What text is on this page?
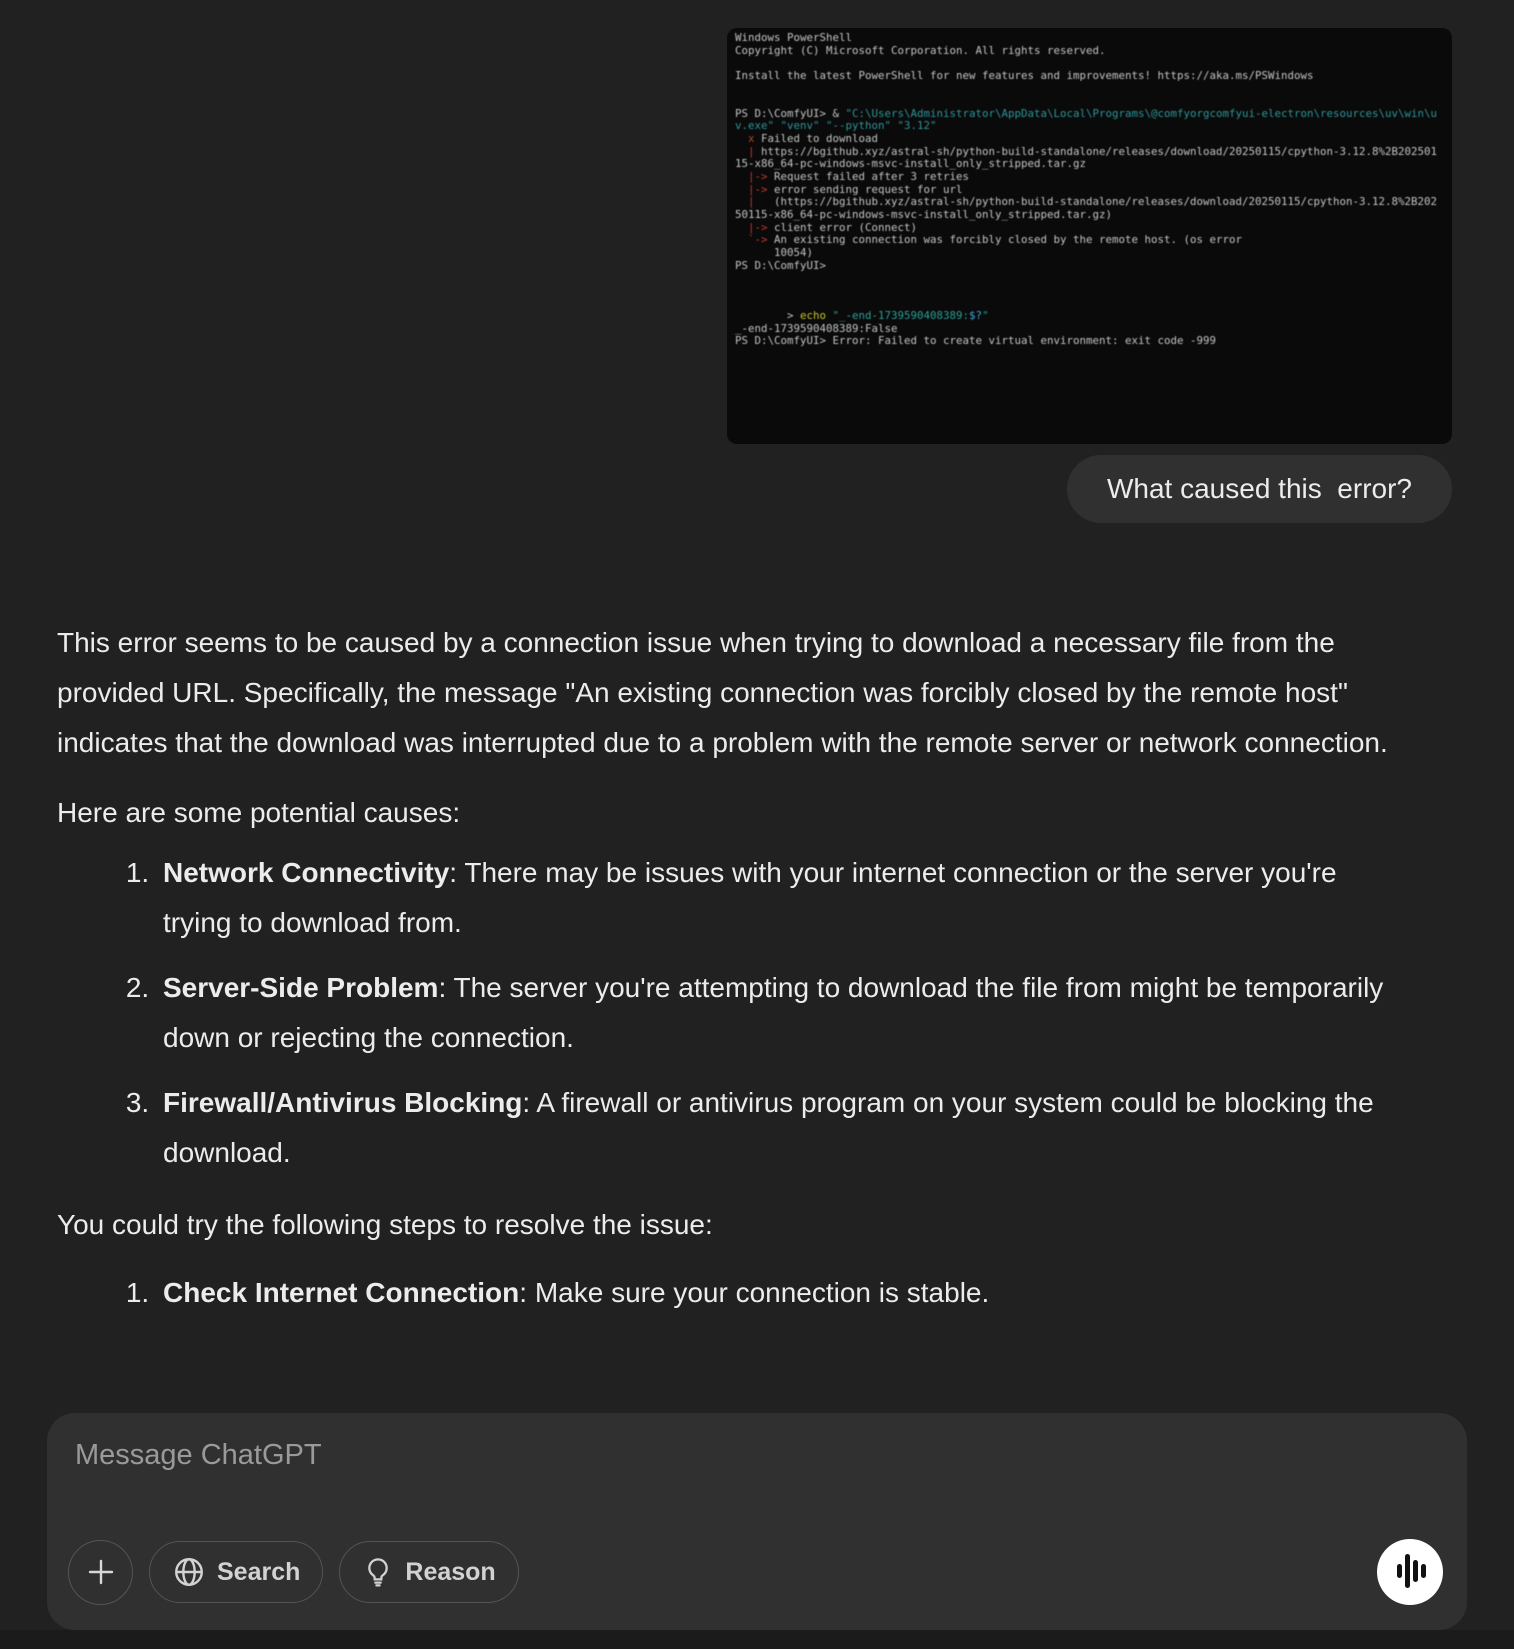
Windows PowerShell
Copyright (C) Microsoft Corporation. All rights reserved.

Install the latest PowerShell for new features and improvements! https://aka.ms/PSWindows

PS D:\ComfyUI> & "C:\Users\Administrator\AppData\Local\Programs\@comfyorgcomfyui-electron\resources\uv\win\u
v.exe" "venv" "--python" "3.12"
x Failed to download
| https://bgithub.xyz/astral-sh/python-build-standalone/releases/download/20250115/cpython-3.12.8%2B202501
15-x86_64-pc-windows-msvc-install_only_stripped.tar.gz
|-> Request failed after 3 retries
|-> error sending request for url
|   (https://bgithub.xyz/astral-sh/python-build-standalone/releases/download/20250115/cpython-3.12.8%2B202
50115-x86_64-pc-windows-msvc-install_only_stripped.tar.gz)
|-> client error (Connect)
`-> An existing connection was forcibly closed by the remote host. (os error
10054)
PS D:\ComfyUI>

> echo "_-end-1739590408389:$?"
_-end-1739590408389:False
PS D:\ComfyUI> Error: Failed to create virtual environment: exit code -999
What caused this  error?

This error seems to be caused by a connection issue when trying to download a necessary file from the provided URL. Specifically, the message "An existing connection was forcibly closed by the remote host" indicates that the download was interrupted due to a problem with the remote server or network connection.

Here are some potential causes:

1. Network Connectivity: There may be issues with your internet connection or the server you're trying to download from.
2. Server-Side Problem: The server you're attempting to download the file from might be temporarily down or rejecting the connection.
3. Firewall/Antivirus Blocking: A firewall or antivirus program on your system could be blocking the download.

You could try the following steps to resolve the issue:

1. Check Internet Connection: Make sure your connection is stable.
Message ChatGPT
Search	Reason
